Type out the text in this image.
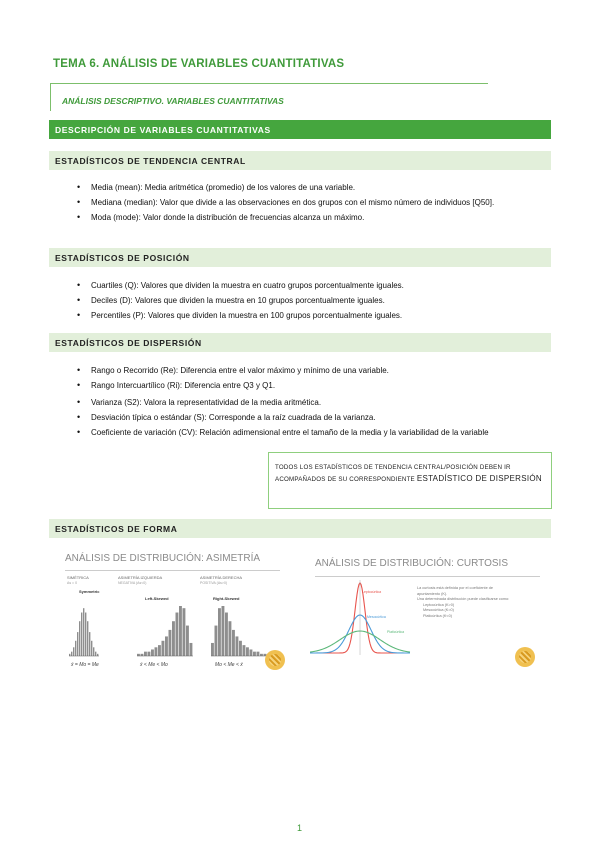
TEMA 6. ANÁLISIS DE VARIABLES CUANTITATIVAS
ANÁLISIS DESCRIPTIVO. VARIABLES CUANTITATIVAS
DESCRIPCIÓN DE VARIABLES CUANTITATIVAS
ESTADÍSTICOS DE TENDENCIA CENTRAL
• Media (mean): Media aritmética (promedio) de los valores de una variable.
• Mediana (median): Valor que divide a las observaciones en dos grupos con el mismo número de individuos [Q50].
• Moda (mode): Valor donde la distribución de frecuencias alcanza un máximo.
ESTADÍSTICOS DE POSICIÓN
• Cuartiles (Q): Valores que dividen la muestra en cuatro grupos porcentualmente iguales.
• Deciles (D): Valores que dividen la muestra en 10 grupos porcentualmente iguales.
• Percentiles (P): Valores que dividen la muestra en 100 grupos porcentualmente iguales.
ESTADÍSTICOS DE DISPERSIÓN
• Rango o Recorrido (Re): Diferencia entre el valor máximo y mínimo de una variable.
• Rango Intercuartílico (Ri): Diferencia entre Q3 y Q1.
• Varianza (S2): Valora la representatividad de la media aritmética.
• Desviación típica o estándar (S): Corresponde a la raíz cuadrada de la varianza.
• Coeficiente de variación (CV): Relación adimensional entre el tamaño de la media y la variabilidad de la variable

TODOS LOS ESTADÍSTICOS DE TENDENCIA CENTRAL/POSICIÓN DEBEN IR ACOMPAÑADOS DE SU CORRESPONDIENTE ESTADÍSTICO DE DISPERSIÓN

ESTADÍSTICOS DE FORMA
ANÁLISIS DE DISTRIBUCIÓN: ASIMETRÍA
SIMÉTRICA
As = 0
ASIMETRÍA IZQUIERDA
NEGATIVA (As<0)
ASIMETRÍA DERECHA
POSITIVA (As>0)
Symmetric
Left-Skewed	Right-Skewed
x̄ = Mo = Me	x̄ < Me < Mo	Mo < Me < x̄
ANÁLISIS DE DISTRIBUCIÓN: CURTOSIS
Leptocúrtica
Mesocúrtica
Platicúrtica
La curtosis está definida por el coeficiente de apuntamiento (K).
Una determinada distribución puede clasificarse como:
Leptocúrtica (K>0)
Mesocúrtica (K=0)
Platicúrtica (K<0)
1
